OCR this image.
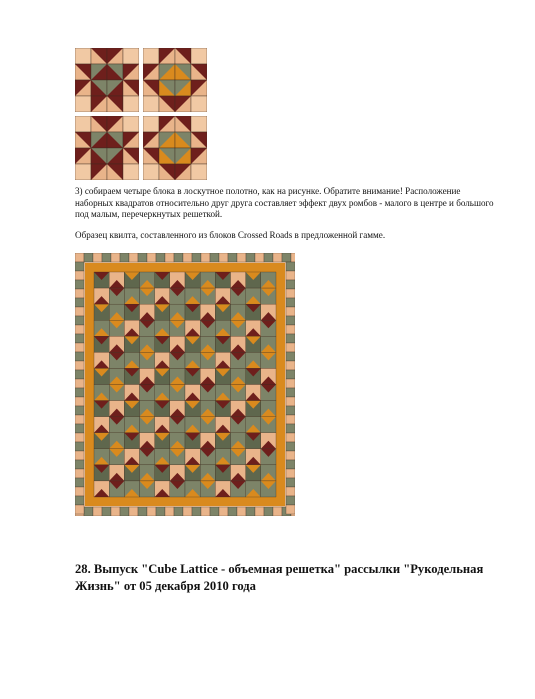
3) собираем четыре блока в лоскутное полотно, как на рисунке. Обратите внимание! Расположение наборных квадратов относительно друг друга составляет эффект двух ромбов - малого в центре и большого под малым, перечеркнутых решеткой.

Образец квилта, составленного из блоков Crossed Roads в предложенной гамме.

28. Выпуск "Cube Lattice - объемная решетка" рассылки "Рукодельная Жизнь" от 05 декабря 2010 года
